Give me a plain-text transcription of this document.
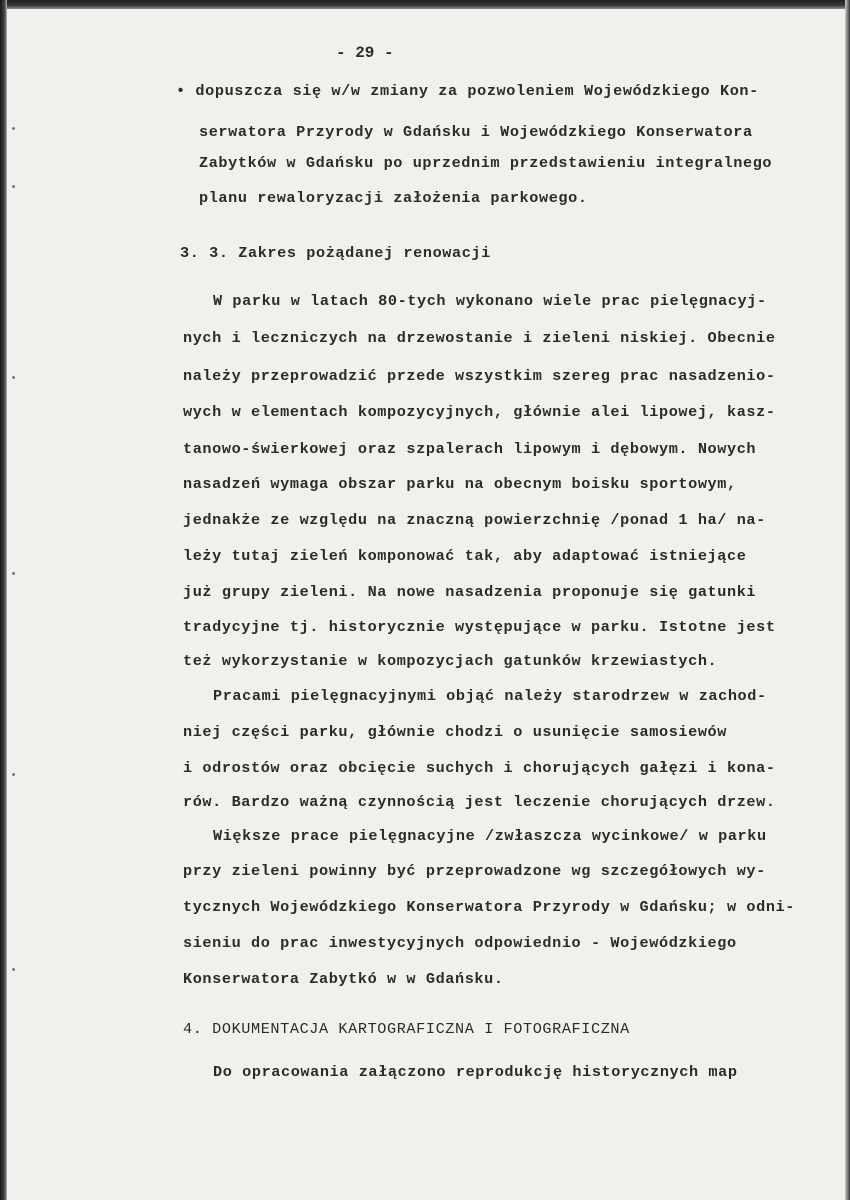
- 29 -
• dopuszcza się w/w zmiany za pozwoleniem Wojewódzkiego Kon-
serwatora Przyrody w Gdańsku i Wojewódzkiego Konserwatora
Zabytków w Gdańsku po uprzednim przedstawieniu integralnego
planu rewaloryzacji założenia parkowego.
3. 3. Zakres pożądanej renowacji
W parku w latach 80-tych wykonano wiele prac pielęgnacyj-
nych i leczniczych na drzewostanie i zieleni niskiej. Obecnie
należy przeprowadzić przede wszystkim szereg prac nasadzenio-
wych w elementach kompozycyjnych, głównie alei lipowej, kasz-
tanowo-świerkowej oraz szpalerach lipowym i dębowym. Nowych
nasadzeń wymaga obszar parku na obecnym boisku sportowym,
jednakże ze względu na znaczną powierzchnię /ponad 1 ha/ na-
leży tutaj zieleń komponować tak, aby adaptować istniejące
już grupy zieleni. Na nowe nasadzenia proponuje się gatunki
tradycyjne tj. historycznie występujące w parku. Istotne jest
też wykorzystanie w kompozycjach gatunków krzewiastych.
Pracami pielęgnacyjnymi objąć należy starodrzew w zachod-
niej części parku, głównie chodzi o usunięcie samosiewów
i odrostów oraz obcięcie suchych i chorujących gałęzi i kona-
rów. Bardzo ważną czynnością jest leczenie chorujących drzew.
Większe prace pielęgnacyjne /zwłaszcza wycinkowe/ w parku
przy zieleni powinny być przeprowadzone wg szczegółowych wy-
tycznych Wojewódzkiego Konserwatora Przyrody w Gdańsku; w odni-
sieniu do prac inwestycyjnych odpowiednio - Wojewódzkiego
Konserwatora Zabytkó w w Gdańsku.
4. DOKUMENTACJA KARTOGRAFICZNA I FOTOGRAFICZNA
Do opracowania załączono reprodukcję historycznych map
